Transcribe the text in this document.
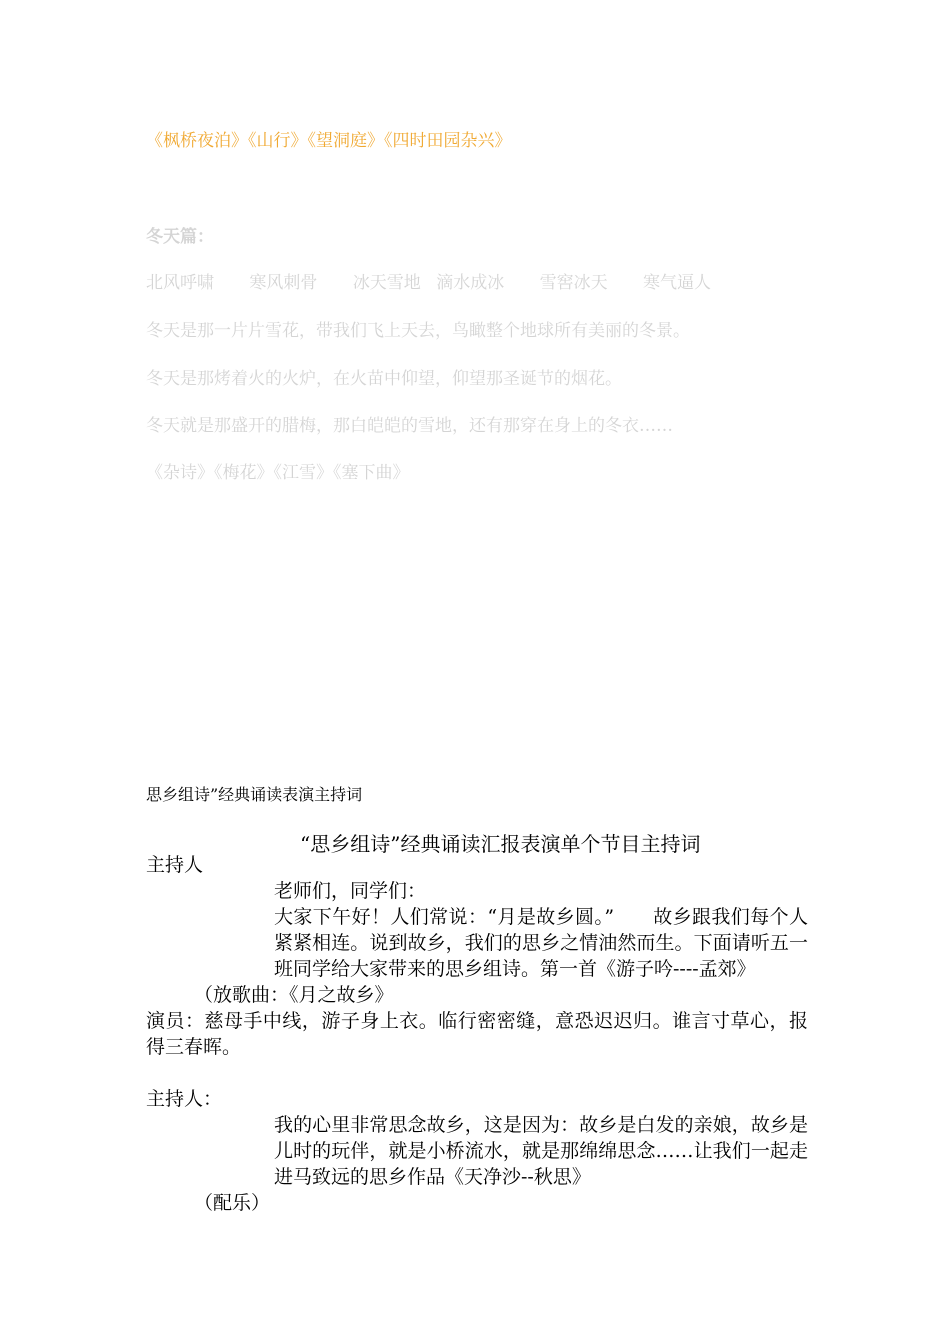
《枫桥夜泊》《山行》《望洞庭》《四时田园杂兴》
冬天篇：
北风呼啸 寒风刺骨 冰天雪地 滴水成冰 雪窖冰天 寒气逼人
冬天是那一片片雪花，带我们飞上天去，鸟瞰整个地球所有美丽的冬景。
冬天是那烤着火的火炉，在火苗中仰望，仰望那圣诞节的烟花。
冬天就是那盛开的腊梅，那白皑皑的雪地，还有那穿在身上的冬衣……
《杂诗》《梅花》《江雪》《塞下曲》
思乡组诗”经典诵读表演主持词
“思乡组诗”经典诵读汇报表演单个节目主持词
主持人
老师们，同学们：
大家下午好！人们常说：“月是故乡圆。”　　故乡跟我们每个人紧紧相连。说到故乡，我们的思乡之情油然而生。下面请听五一班同学给大家带来的思乡组诗。第一首《游子吟----孟郊》
（放歌曲：《月之故乡》
演员：慈母手中线，游子身上衣。临行密密缝，意恐迟迟归。谁言寸草心，报得三春晖。
主持人：
我的心里非常思念故乡，这是因为：故乡是白发的亲娘，故乡是儿时的玩伴，就是小桥流水，就是那绵绵思念……让我们一起走进马致远的思乡作品《天净沙--秋思》
（配乐）
